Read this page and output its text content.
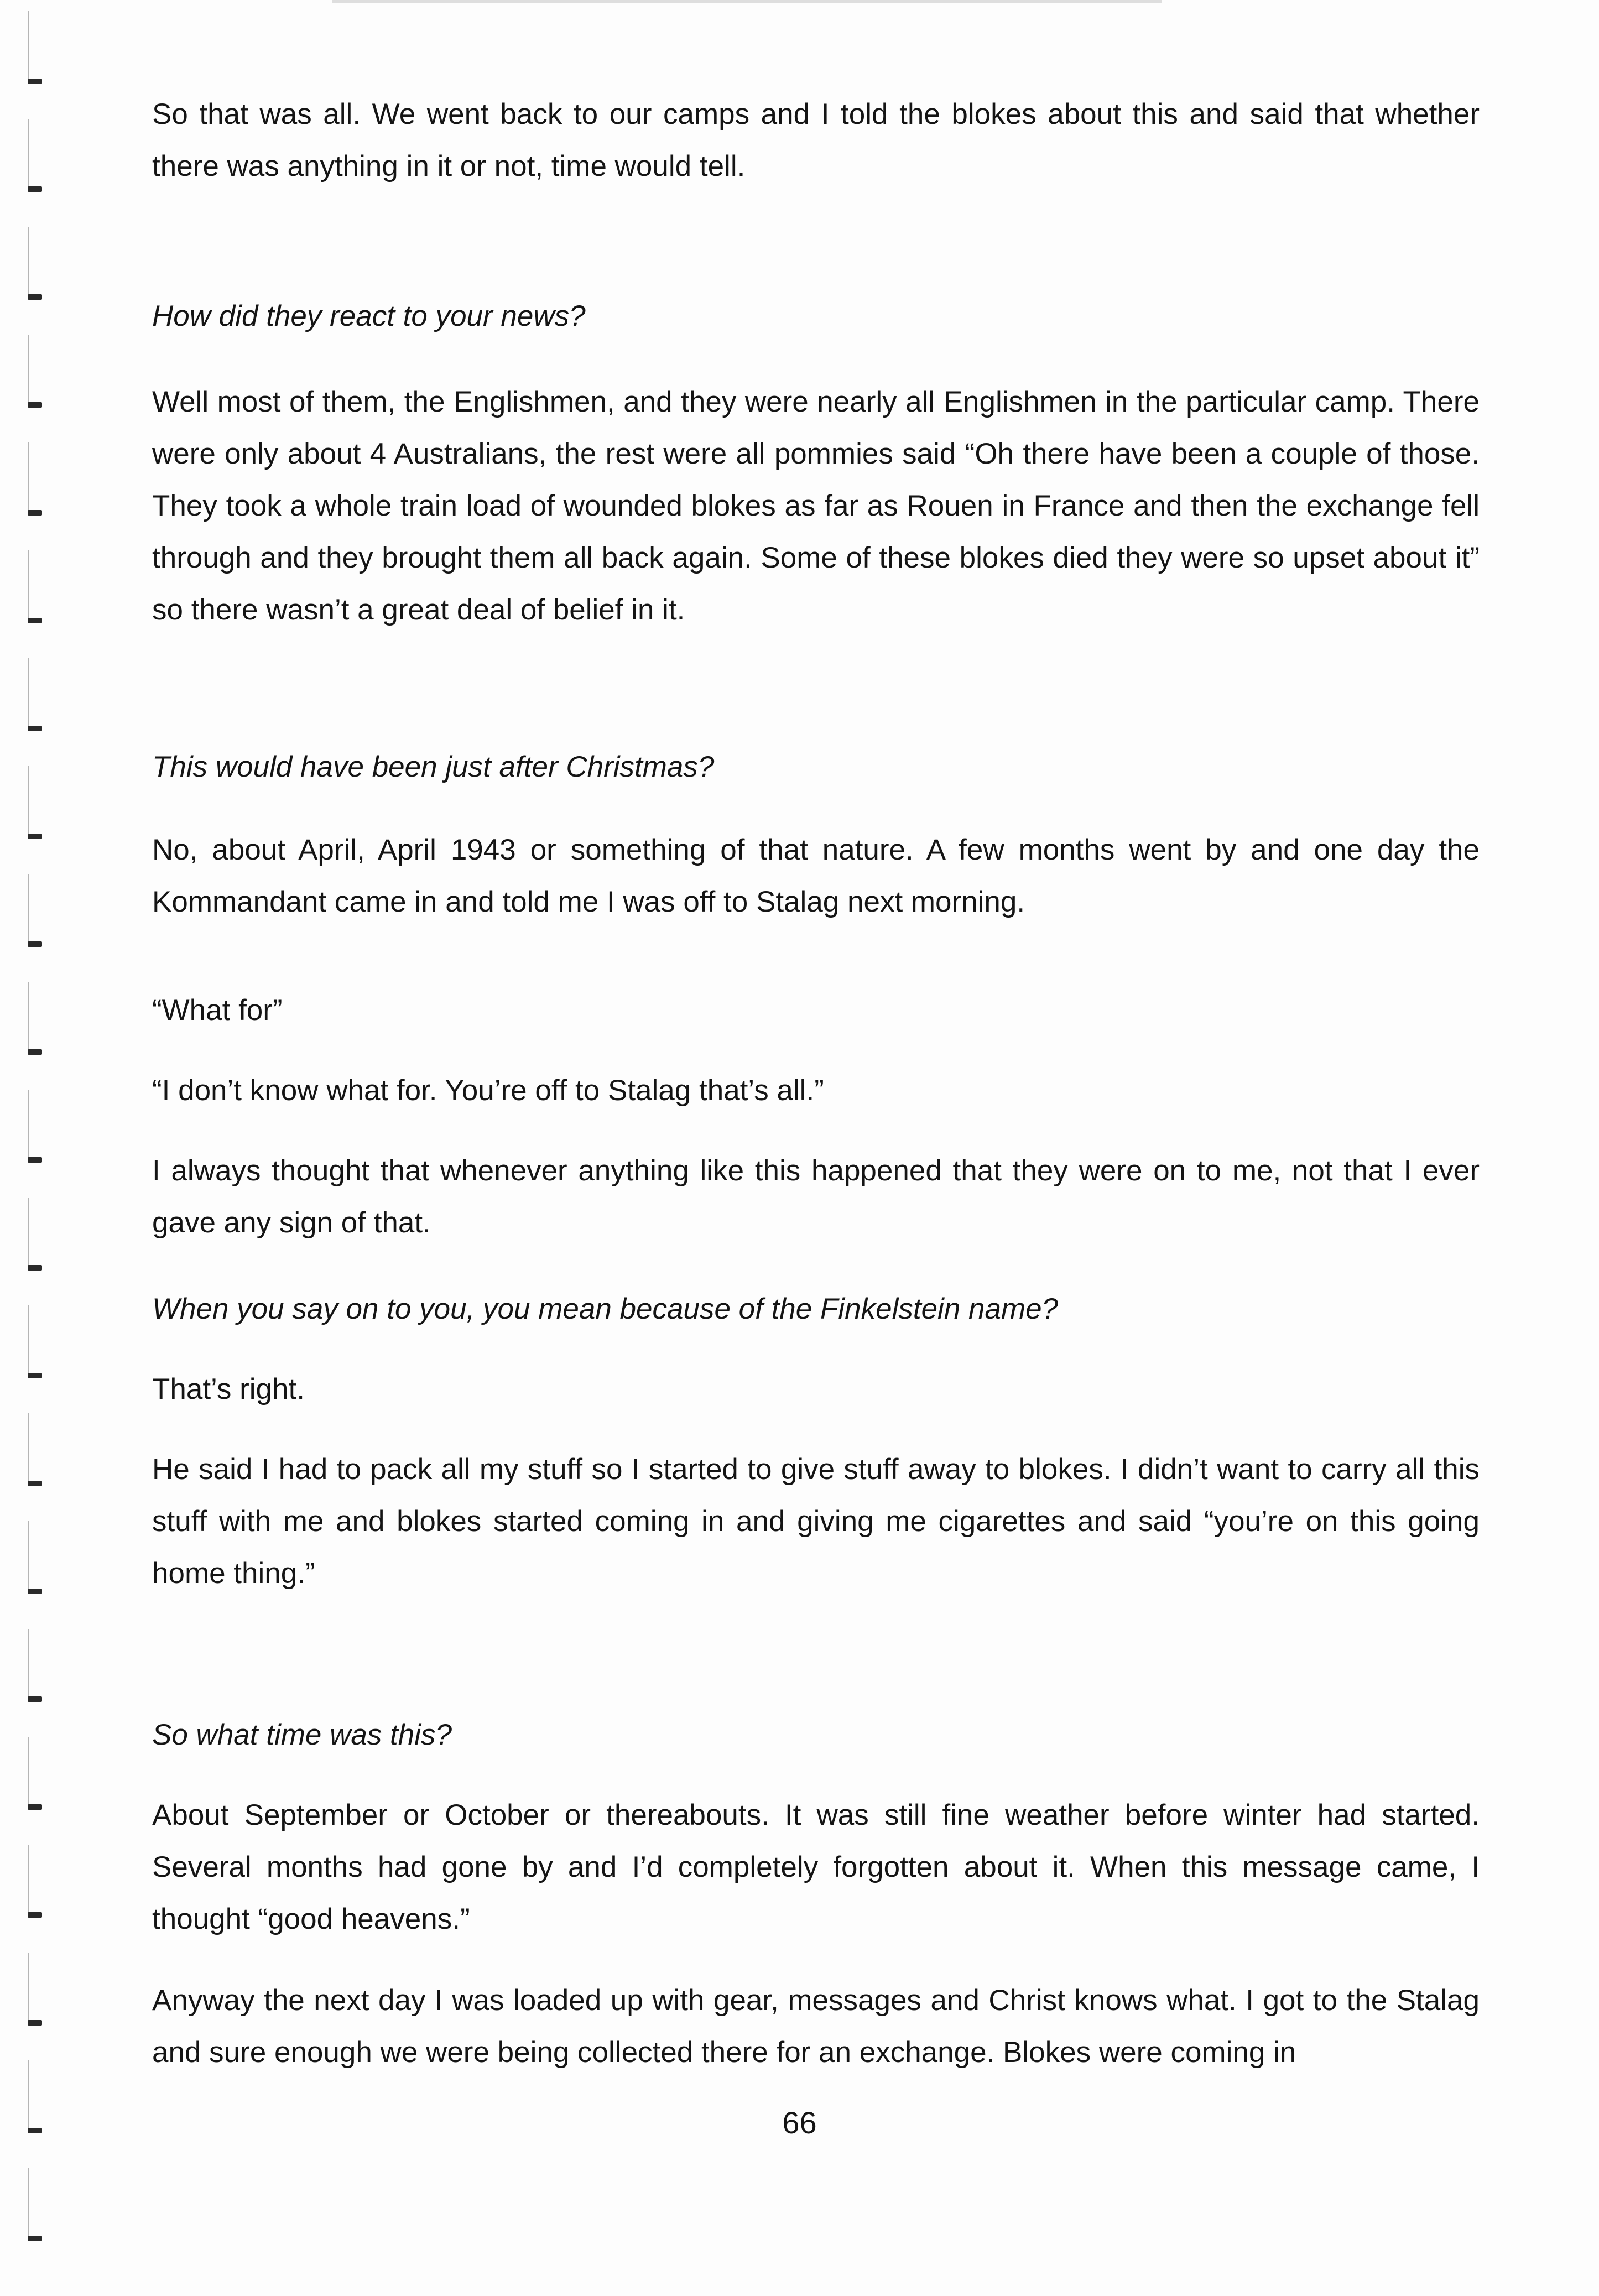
So that was all. We went back to our camps and I told the blokes about this and said that whether there was anything in it or not, time would tell.

How did they react to your news?

Well most of them, the Englishmen, and they were nearly all Englishmen in the particular camp. There were only about 4 Australians, the rest were all pommies said “Oh there have been a couple of those. They took a whole train load of wounded blokes as far as Rouen in France and then the exchange fell through and they brought them all back again. Some of these blokes died they were so upset about it” so there wasn’t a great deal of belief in it.

This would have been just after Christmas?

No, about April, April 1943 or something of that nature. A few months went by and one day the Kommandant came in and told me I was off to Stalag next morning.

“What for”

“I don’t know what for. You’re off to Stalag that’s all.”

I always thought that whenever anything like this happened that they were on to me, not that I ever gave any sign of that.

When you say on to you, you mean because of the Finkelstein name?

That’s right.

He said I had to pack all my stuff so I started to give stuff away to blokes. I didn’t want to carry all this stuff with me and blokes started coming in and giving me cigarettes and said “you’re on this going home thing.”

So what time was this?

About September or October or thereabouts. It was still fine weather before winter had started. Several months had gone by and I’d completely forgotten about it. When this message came, I thought “good heavens.”

Anyway the next day I was loaded up with gear, messages and Christ knows what. I got to the Stalag and sure enough we were being collected there for an exchange. Blokes were coming in

66
